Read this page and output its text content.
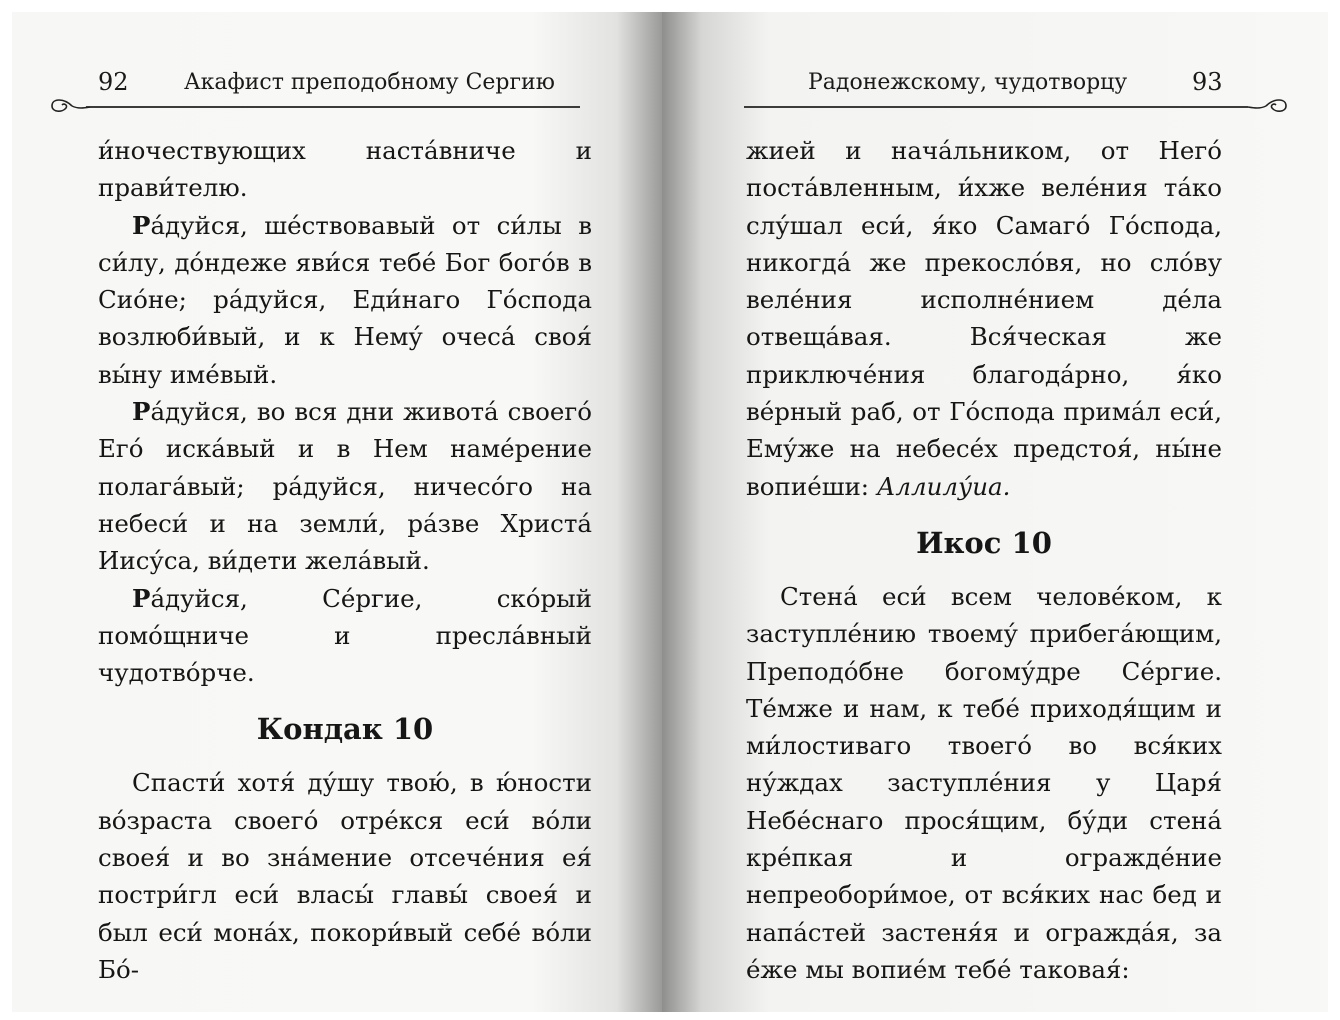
92	Акафист преподобному Сергию

и́ночествующих наста́вниче и прави́телю.

Ра́дуйся, ше́ствовавый от си́лы в си́лу, до́ндеже яви́ся тебе́ Бог бого́в в Сио́не; ра́дуйся, Еди́наго Го́спода возлюби́вый, и к Нему́ очеса́ своя́ вы́ну име́вый.

Ра́дуйся, во вся дни живота́ своего́ Его́ иска́вый и в Нем наме́рение полага́вый; ра́дуйся, ничесо́го на небеси́ и на земли́, ра́зве Христа́ Иису́са, ви́дети жела́вый.

Ра́дуйся, Се́ргие, ско́рый помо́щниче и пресла́вный чудотво́рче.

Кондак 10

Спасти́ хотя́ ду́шу твою́, в ю́ности во́зраста своего́ отре́кся еси́ во́ли своея́ и во зна́мение отсече́ния ея́ постри́гл еси́ власы́ главы́ своея́ и был еси́ мона́х, покори́вый себе́ во́ли Бо́-

Радонежскому, чудотворцу	93

жией и нача́льником, от Него́ поста́вленным, и́хже веле́ния та́ко слу́шал еси́, я́ко Самаго́ Го́спода, никогда́ же прекосло́вя, но сло́ву веле́ния исполне́нием де́ла отвеща́вая. Вся́ческая же приключе́ния благода́рно, я́ко ве́рный раб, от Го́спода прима́л еси́, Ему́же на небесе́х предстоя́, ны́не вопие́ши: Аллилу́иа.

Икос 10

Стена́ еси́ всем челове́ком, к заступле́нию твоему́ прибега́ющим, Преподо́бне богому́дре Се́ргие. Те́мже и нам, к тебе́ приходя́щим и ми́лостиваго твоего́ во вся́ких ну́ждах заступле́ния у Царя́ Небе́снаго прося́щим, бу́ди стена́ кре́пкая и огражде́ние непреобори́мое, от вся́ких нас бед и напа́стей застеня́я и огражда́я, за е́же мы вопие́м тебе́ таковая́:
